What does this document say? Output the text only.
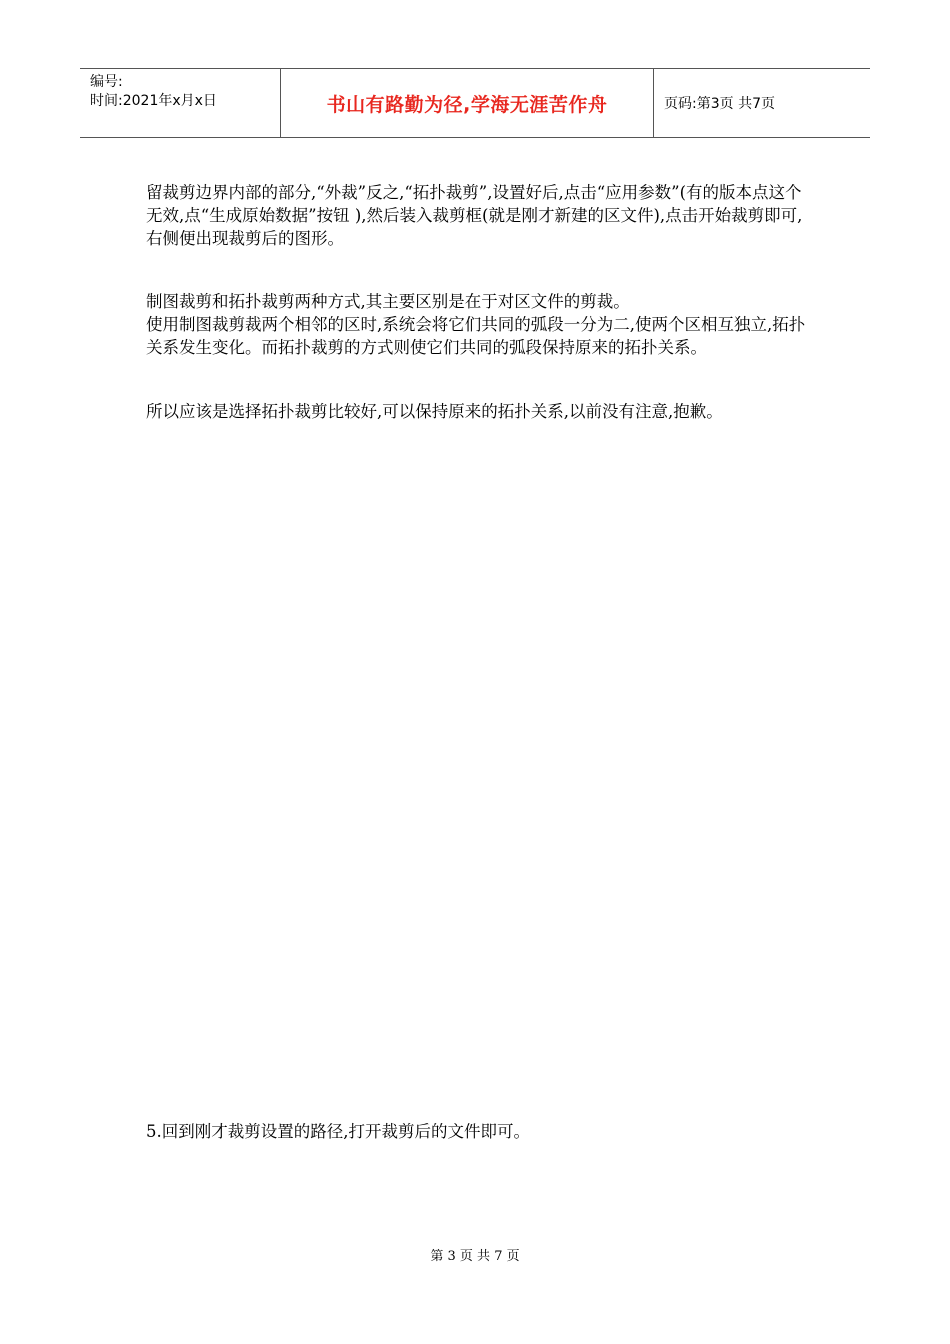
编号:
时间:2021年x月x日	书山有路勤为径,学海无涯苦作舟	页码:第3页 共7页

留裁剪边界内部的部分,“外裁”反之,“拓扑裁剪”,设置好后,点击“应用参数”(有的版本点这个无效,点“生成原始数据”按钮 ),然后装入裁剪框(就是刚才新建的区文件),点击开始裁剪即可,右侧便出现裁剪后的图形。

制图裁剪和拓扑裁剪两种方式,其主要区别是在于对区文件的剪裁。
使用制图裁剪裁两个相邻的区时,系统会将它们共同的弧段一分为二,使两个区相互独立,拓扑关系发生变化。而拓扑裁剪的方式则使它们共同的弧段保持原来的拓扑关系。

所以应该是选择拓扑裁剪比较好,可以保持原来的拓扑关系,以前没有注意,抱歉。

5.回到刚才裁剪设置的路径,打开裁剪后的文件即可。

第 3 页 共 7 页
